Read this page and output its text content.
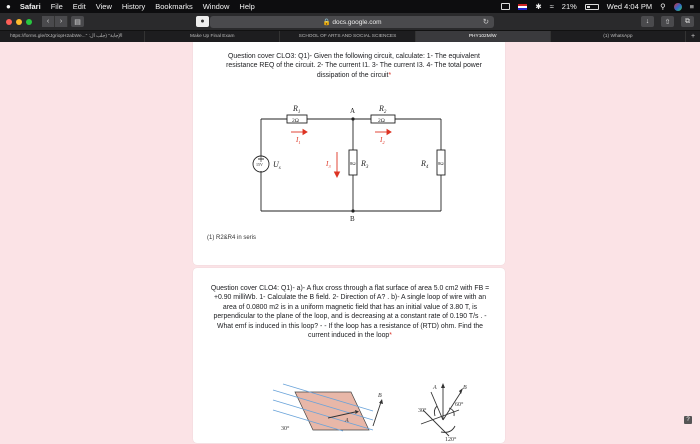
● Safari File Edit View History Bookmarks Window Help	✱ ≈ 21%	Wed 4:04 PM ⚲	≡
‹	›	▤	●	🔒 docs.google.com	↻	↓	⇧	⧉
https://forms.gle/tXJgriopH2abWe..." :الإجابة" (جلب ال	Make Up Final Exam	SCHOOL OF ARTS AND SOCIAL SCIENCES	PHY102M/W	(1) WhatsApp	+
Question cover CLO3: Q1)- Given the following circuit, calculate: 1- The equivalent resistance REQ of the circuit. 2- The current I1. 3- The current I3. 4- The total power dissipation of the circuit*
$R_1$
2Ω
$R_2$
2Ω
8Ω $R_3$
8Ω
$R_4$
15V $U_s$
A
B
$I_1$	$I_2$
$I_3$
(1) R2&R4 in seris
Question cover CLO4: Q1)- a)- A flux cross through a flat surface of area 5.0 cm2 with FB = +0.90 milliWb. 1- Calculate the B field. 2- Direction of A? . b)- A single loop of wire with an area of 0.0800 m2 is in a uniform magnetic field that has an initial value of 3.80 T, is perpendicular to the plane of the loop, and is decreasing at a constant rate of 0.190 T/s . - What emf is induced in this loop? - - If the loop has a resistance of (RTD) ohm. Find the current induced in the loop*
30°
B
A
30°
60°
120°
A	B
?
